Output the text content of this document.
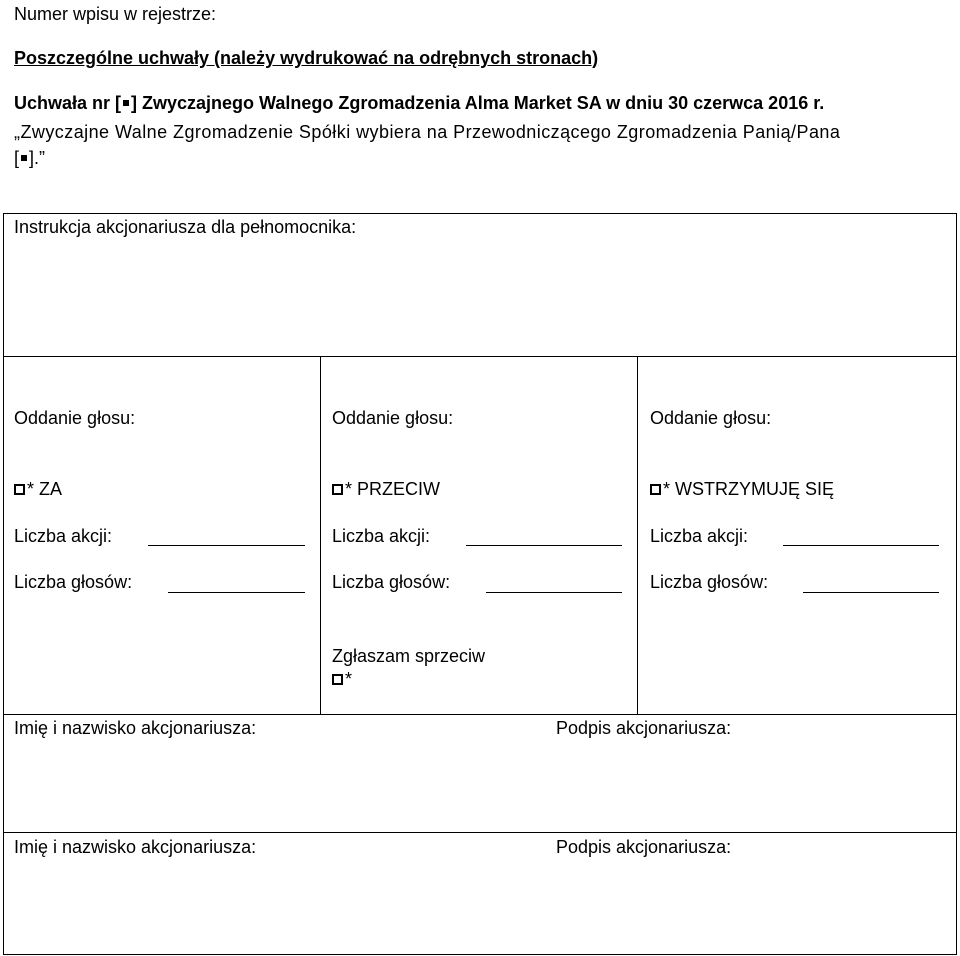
Numer wpisu w rejestrze:
Poszczególne uchwały (należy wydrukować na odrębnych stronach)
Uchwała nr [ ] Zwyczajnego Walnego Zgromadzenia Alma Market SA w dniu 30 czerwca 2016 r.
„Zwyczajne Walne Zgromadzenie Spółki wybiera na Przewodniczącego Zgromadzenia Panią/Pana
[ ].”
Instrukcja akcjonariusza dla pełnomocnika:
Oddanie głosu:
* ZA
Liczba akcji:
Liczba głosów:
Oddanie głosu:
* PRZECIW
Liczba akcji:
Liczba głosów:
Oddanie głosu:
* WSTRZYMUJĘ SIĘ
Liczba akcji:
Liczba głosów:
Zgłaszam sprzeciw
*
Imię i nazwisko akcjonariusza:	Podpis akcjonariusza:
Imię i nazwisko akcjonariusza:	Podpis akcjonariusza:
